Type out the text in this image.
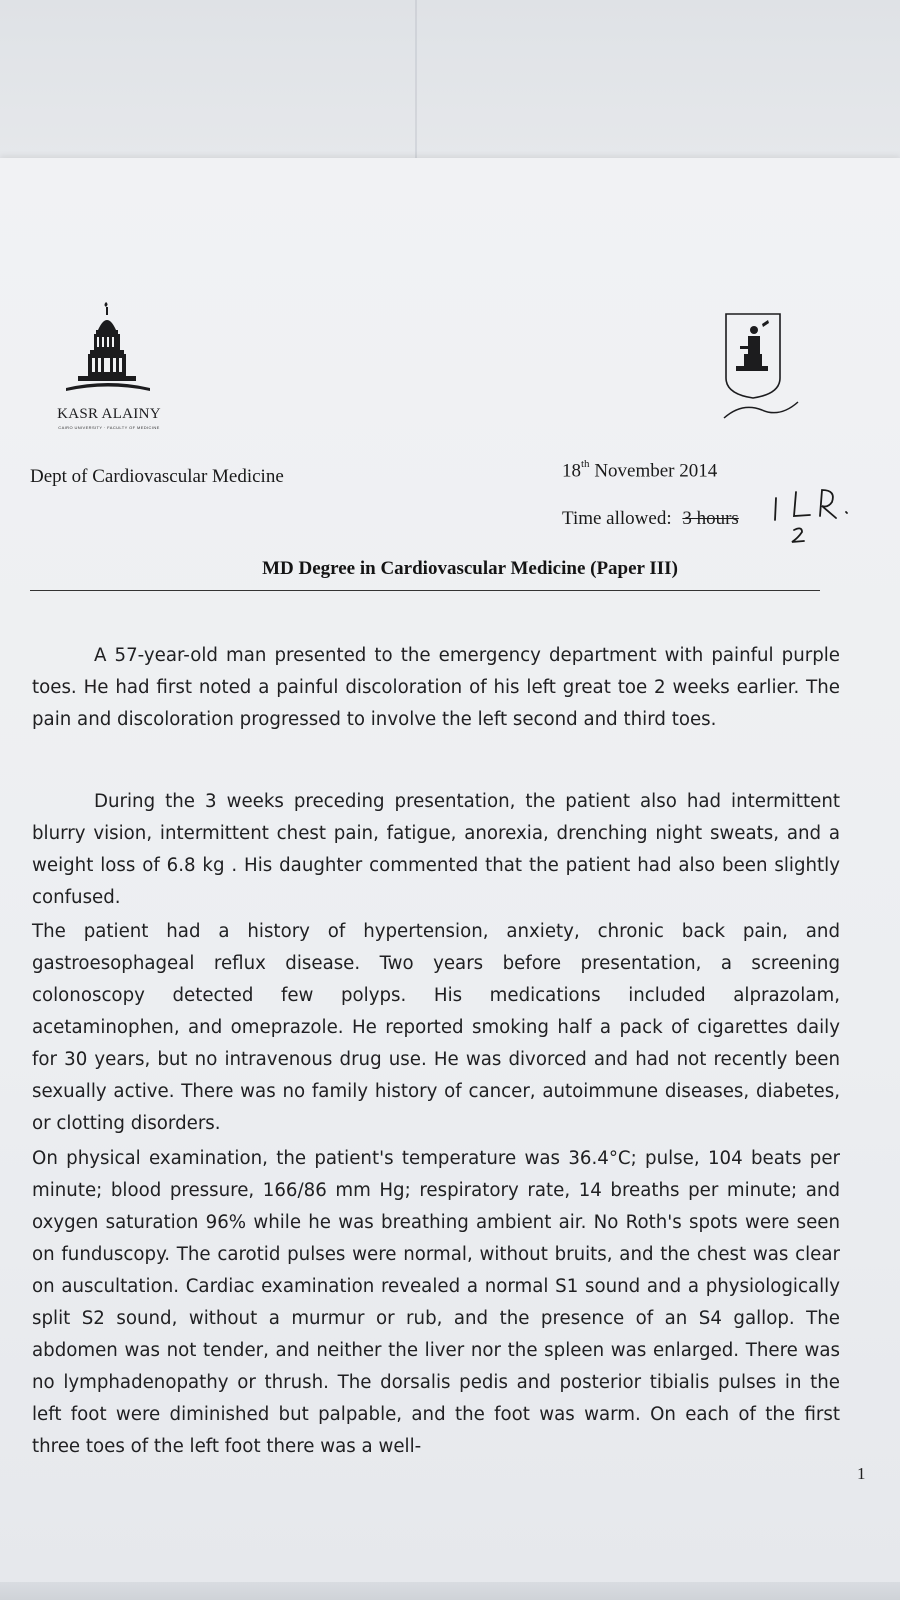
KASR ALAINY
CAIRO UNIVERSITY · FACULTY OF MEDICINE
Dept of Cardiovascular Medicine	18th November 2014
Time allowed: 3 hours
MD Degree in Cardiovascular Medicine (Paper III)
A 57-year-old man presented to the emergency department with painful purple toes. He had first noted a painful discoloration of his left great toe 2 weeks earlier. The pain and discoloration progressed to involve the left second and third toes.
During the 3 weeks preceding presentation, the patient also had intermittent blurry vision, intermittent chest pain, fatigue, anorexia, drenching night sweats, and a weight loss of 6.8 kg . His daughter commented that the patient had also been slightly confused.
The patient had a history of hypertension, anxiety, chronic back pain, and gastroesophageal reflux disease. Two years before presentation, a screening colonoscopy detected few polyps. His medications included alprazolam, acetaminophen, and omeprazole. He reported smoking half a pack of cigarettes daily for 30 years, but no intravenous drug use. He was divorced and had not recently been sexually active. There was no family history of cancer, autoimmune diseases, diabetes, or clotting disorders.
On physical examination, the patient's temperature was 36.4°C; pulse, 104 beats per minute; blood pressure, 166/86 mm Hg; respiratory rate, 14 breaths per minute; and oxygen saturation 96% while he was breathing ambient air. No Roth's spots were seen on funduscopy. The carotid pulses were normal, without bruits, and the chest was clear on auscultation. Cardiac examination revealed a normal S1 sound and a physiologically split S2 sound, without a murmur or rub, and the presence of an S4 gallop. The abdomen was not tender, and neither the liver nor the spleen was enlarged. There was no lymphadenopathy or thrush. The dorsalis pedis and posterior tibialis pulses in the left foot were diminished but palpable, and the foot was warm. On each of the first three toes of the left foot there was a well-
1
